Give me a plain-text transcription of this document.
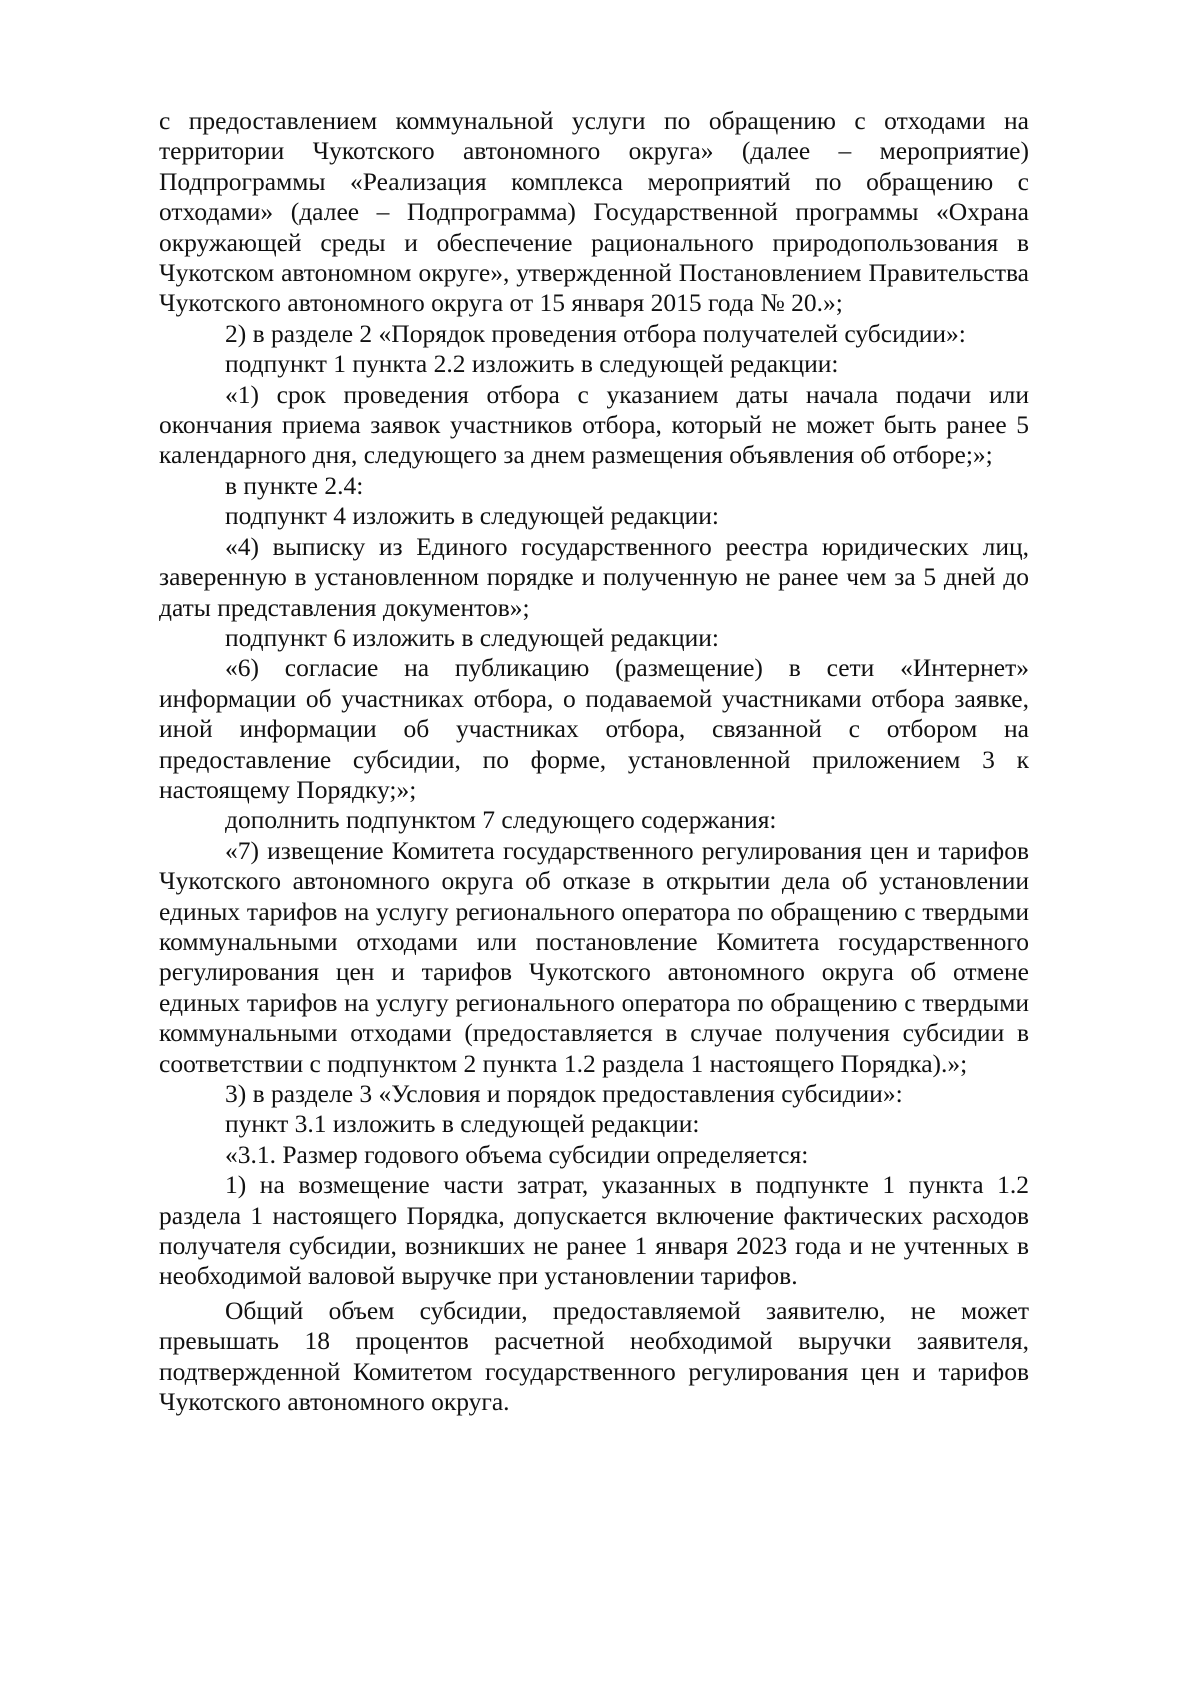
с предоставлением коммунальной услуги по обращению с отходами на территории Чукотского автономного округа» (далее – мероприятие) Подпрограммы «Реализация комплекса мероприятий по обращению с отходами» (далее – Подпрограмма) Государственной программы «Охрана окружающей среды и обеспечение рационального природопользования в Чукотском автономном округе», утвержденной Постановлением Правительства Чукотского автономного округа от 15 января 2015 года № 20.»;

2) в разделе 2 «Порядок проведения отбора получателей субсидии»:

подпункт 1 пункта 2.2 изложить в следующей редакции:

«1) срок проведения отбора с указанием даты начала подачи или окончания приема заявок участников отбора, который не может быть ранее 5 календарного дня, следующего за днем размещения объявления об отборе;»;

в пункте 2.4:

подпункт 4 изложить в следующей редакции:

«4) выписку из Единого государственного реестра юридических лиц, заверенную в установленном порядке и полученную не ранее чем за 5 дней до даты представления документов»;

подпункт 6 изложить в следующей редакции:

«6) согласие на публикацию (размещение) в сети «Интернет» информации об участниках отбора, о подаваемой участниками отбора заявке, иной информации об участниках отбора, связанной с отбором на предоставление субсидии, по форме, установленной приложением 3 к настоящему Порядку;»;

дополнить подпунктом 7 следующего содержания:

«7) извещение Комитета государственного регулирования цен и тарифов Чукотского автономного округа об отказе в открытии дела об установлении единых тарифов на услугу регионального оператора по обращению с твердыми коммунальными отходами или постановление Комитета государственного регулирования цен и тарифов Чукотского автономного округа об отмене единых тарифов на услугу регионального оператора по обращению с твердыми коммунальными отходами (предоставляется в случае получения субсидии в соответствии с подпунктом 2 пункта 1.2 раздела 1 настоящего Порядка).»;

3) в разделе 3 «Условия и порядок предоставления субсидии»:

пункт 3.1 изложить в следующей редакции:

«3.1. Размер годового объема субсидии определяется:

1) на возмещение части затрат, указанных в подпункте 1 пункта 1.2 раздела 1 настоящего Порядка, допускается включение фактических расходов получателя субсидии, возникших не ранее 1 января 2023 года и не учтенных в необходимой валовой выручке при установлении тарифов.

Общий объем субсидии, предоставляемой заявителю, не может превышать 18 процентов расчетной необходимой выручки заявителя, подтвержденной Комитетом государственного регулирования цен и тарифов Чукотского автономного округа.
